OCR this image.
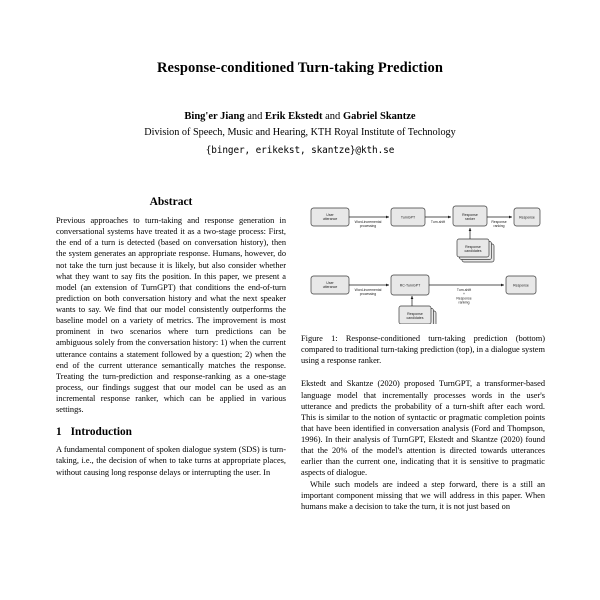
Response-conditioned Turn-taking Prediction
Bing'er Jiang and Erik Ekstedt and Gabriel Skantze
Division of Speech, Music and Hearing, KTH Royal Institute of Technology
{binger, erikekst, skantze}@kth.se
Abstract

Previous approaches to turn-taking and response generation in conversational systems have treated it as a two-stage process: First, the end of a turn is detected (based on conversation history), then the system generates an appropriate response. Humans, however, do not take the turn just because it is likely, but also consider whether what they want to say fits the position. In this paper, we present a model (an extension of TurnGPT) that conditions the end-of-turn prediction on both conversation history and what the next speaker wants to say. We find that our model consistently outperforms the baseline model on a variety of metrics. The improvement is most prominent in two scenarios where turn predictions can be ambiguous solely from the conversation history: 1) when the current utterance contains a statement followed by a question; 2) when the end of the current utterance semantically matches the response. Treating the turn-prediction and response-ranking as a one-stage process, our findings suggest that our model can be used as an incremental response ranker, which can be applied in various settings.

1 Introduction

A fundamental component of spoken dialogue system (SDS) is turn-taking, i.e., the decision of when to take turns at appropriate places, without causing long response delays or interrupting the user. In

User utterance
Word-incremental processing
TurnGPT
Turn-shift
Response ranker
Response candidates
Response ranking
Response
User utterance
Word-incremental processing
RC-TurnGPT
Response candidates
Turn-shift + Response ranking
Response

Figure 1: Response-conditioned turn-taking prediction (bottom) compared to traditional turn-taking prediction (top), in a dialogue system using a response ranker.

Ekstedt and Skantze (2020) proposed TurnGPT, a transformer-based language model that incrementally processes words in the user's utterance and predicts the probability of a turn-shift after each word. This is similar to the notion of syntactic or pragmatic completion points that have been identified in conversation analysis (Ford and Thompson, 1996). In their analysis of TurnGPT, Ekstedt and Skantze (2020) found that the 20% of the model's attention is directed towards utterances earlier than the current one, indicating that it is sensitive to pragmatic aspects of dialogue.

While such models are indeed a step forward, there is a still an important component missing that we will address in this paper. When humans make a decision to take the turn, it is not just based on
